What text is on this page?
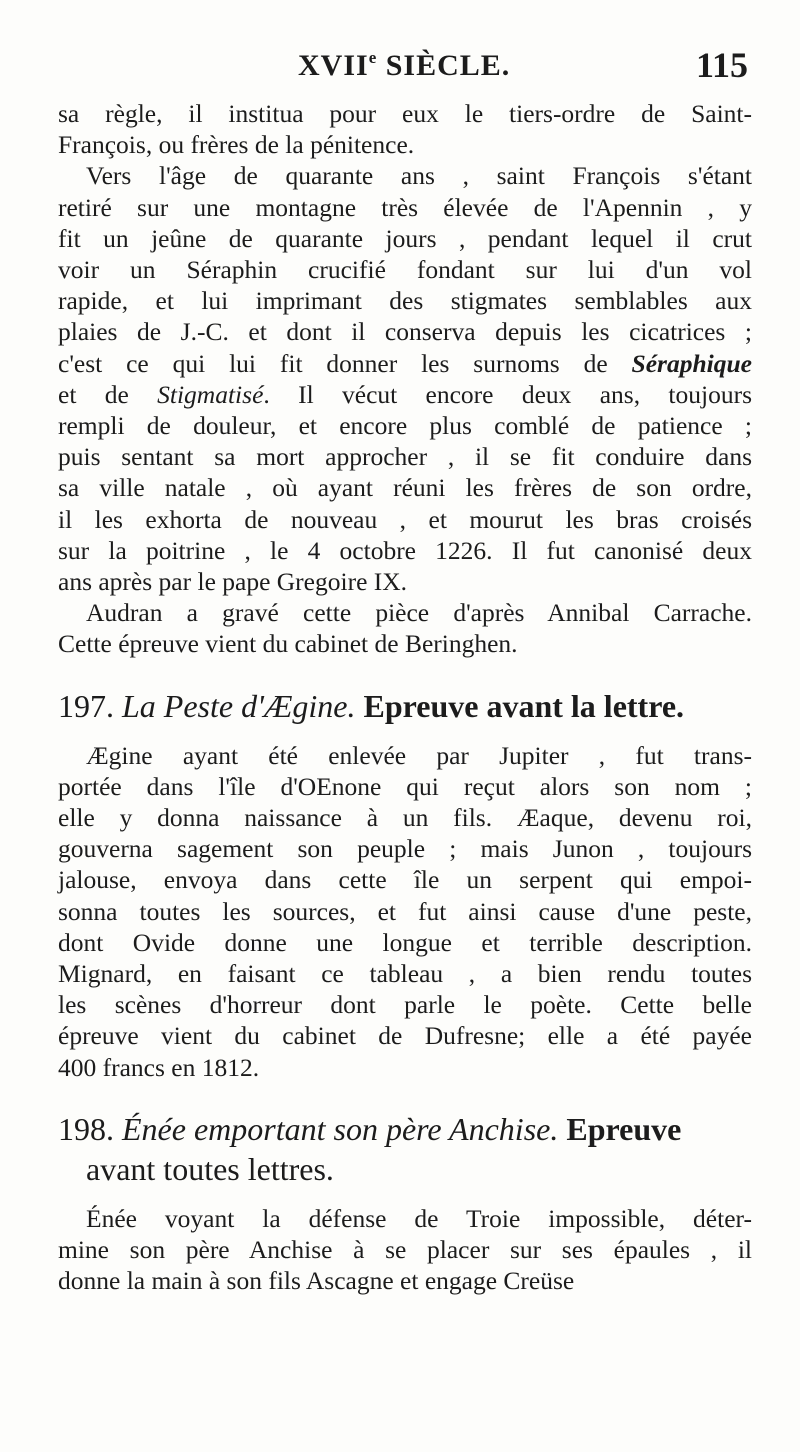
XVIIe SIÈCLE.	115

sa règle, il institua pour eux le tiers-ordre de Saint-
François, ou frères de la pénitence.

Vers l'âge de quarante ans , saint François s'étant
retiré sur une montagne très élevée de l'Apennin , y
fit un jeûne de quarante jours , pendant lequel il crut
voir un Séraphin crucifié fondant sur lui d'un vol
rapide, et lui imprimant des stigmates semblables aux
plaies de J.-C. et dont il conserva depuis les cicatrices ;
c'est ce qui lui fit donner les surnoms de Séraphique
et de Stigmatisé. Il vécut encore deux ans, toujours
rempli de douleur, et encore plus comblé de patience ;
puis sentant sa mort approcher , il se fit conduire dans
sa ville natale , où ayant réuni les frères de son ordre,
il les exhorta de nouveau , et mourut les bras croisés
sur la poitrine , le 4 octobre 1226. Il fut canonisé deux
ans après par le pape Gregoire IX.

Audran a gravé cette pièce d'après Annibal Carrache.
Cette épreuve vient du cabinet de Beringhen.

197. La Peste d'Ægine. Epreuve avant la lettre.

Ægine ayant été enlevée par Jupiter , fut trans-
portée dans l'île d'OEnone qui reçut alors son nom ;
elle y donna naissance à un fils. Æaque, devenu roi,
gouverna sagement son peuple ; mais Junon , toujours
jalouse, envoya dans cette île un serpent qui empoi-
sonna toutes les sources, et fut ainsi cause d'une peste,
dont Ovide donne une longue et terrible description.
Mignard, en faisant ce tableau , a bien rendu toutes
les scènes d'horreur dont parle le poète. Cette belle
épreuve vient du cabinet de Dufresne; elle a été payée
400 francs en 1812.

198. Énée emportant son père Anchise. Epreuve
avant toutes lettres.

Énée voyant la défense de Troie impossible, déter-
mine son père Anchise à se placer sur ses épaules , il
donne la main à son fils Ascagne et engage Creüse
